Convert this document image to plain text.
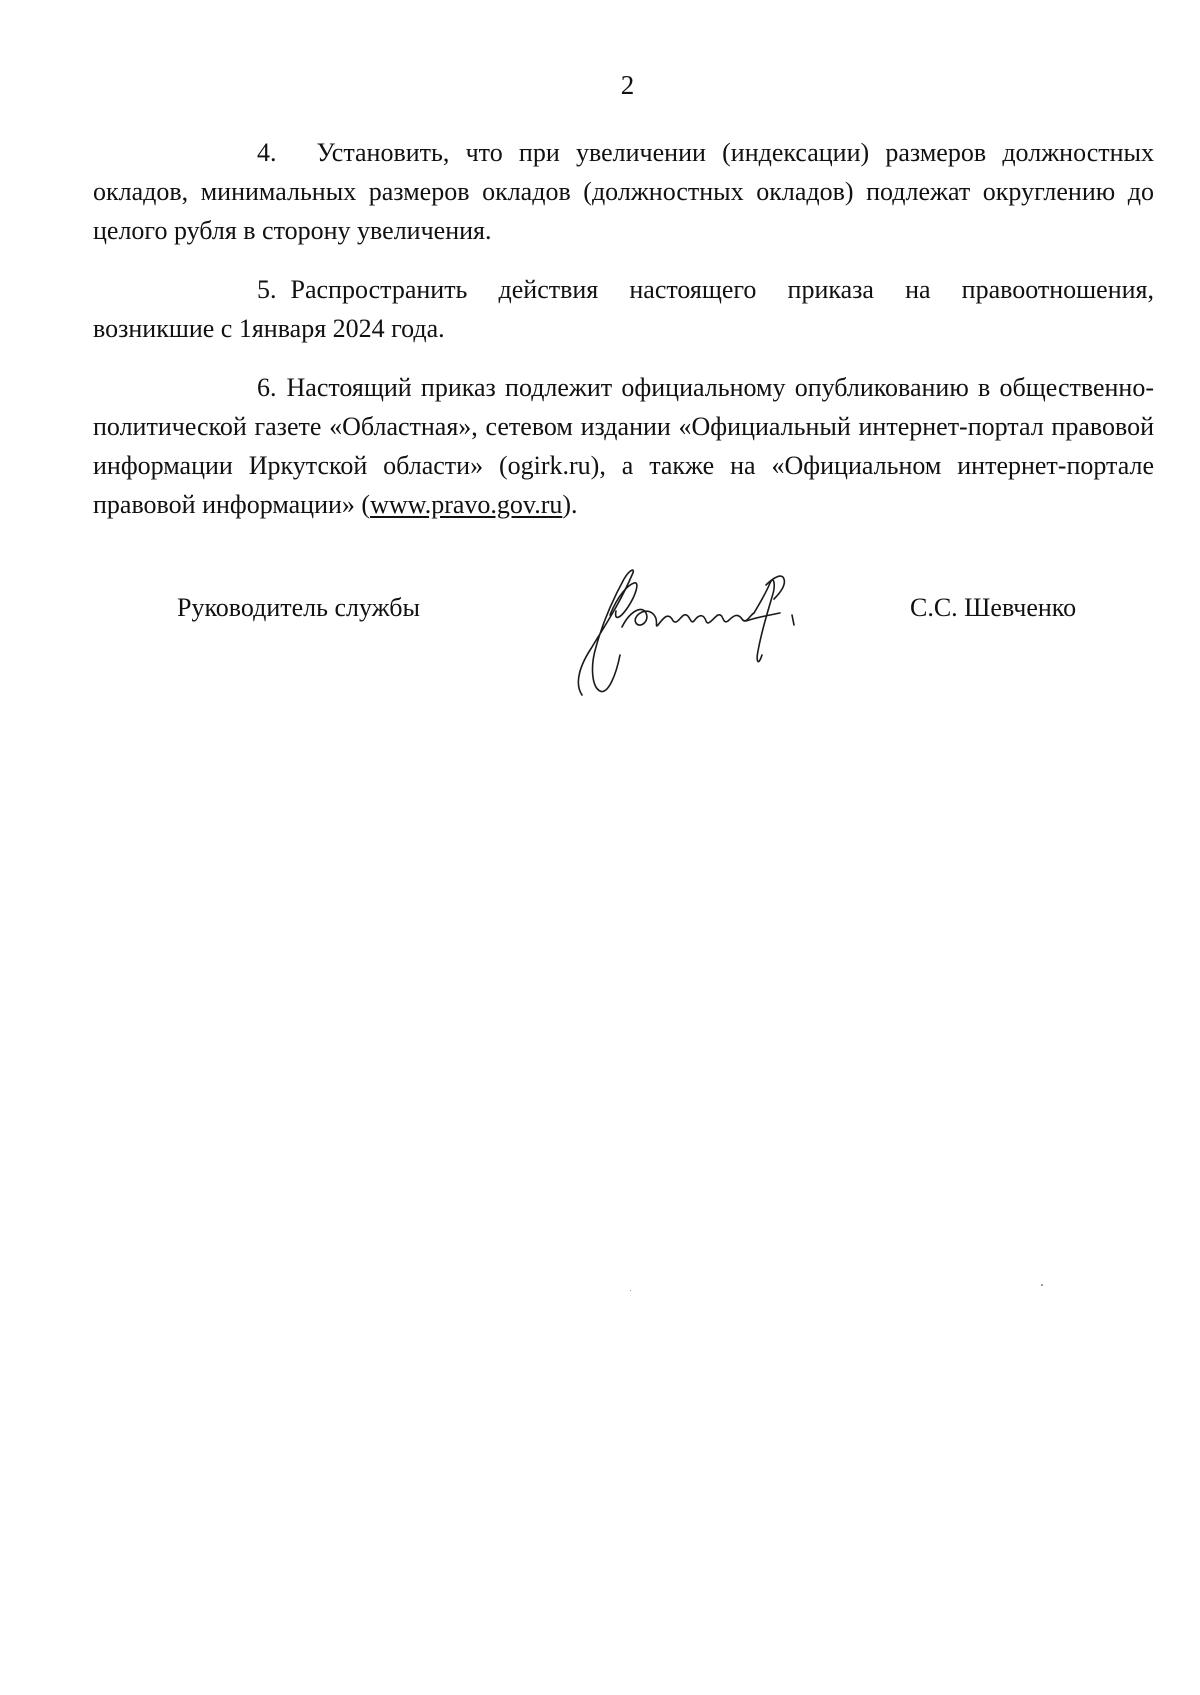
2

4. Установить, что при увеличении (индексации) размеров должностных окладов, минимальных размеров окладов (должностных окладов) подлежат округлению до целого рубля в сторону увеличения.

5. Распространить действия настоящего приказа на правоотношения, возникшие с 1января 2024 года.

6. Настоящий приказ подлежит официальному опубликованию в общественно-политической газете «Областная», сетевом издании «Официальный интернет-портал правовой информации Иркутской области» (ogirk.ru), а также на «Официальном интернет-портале правовой информации» (www.pravo.gov.ru).

Руководитель службы	С.С. Шевченко
